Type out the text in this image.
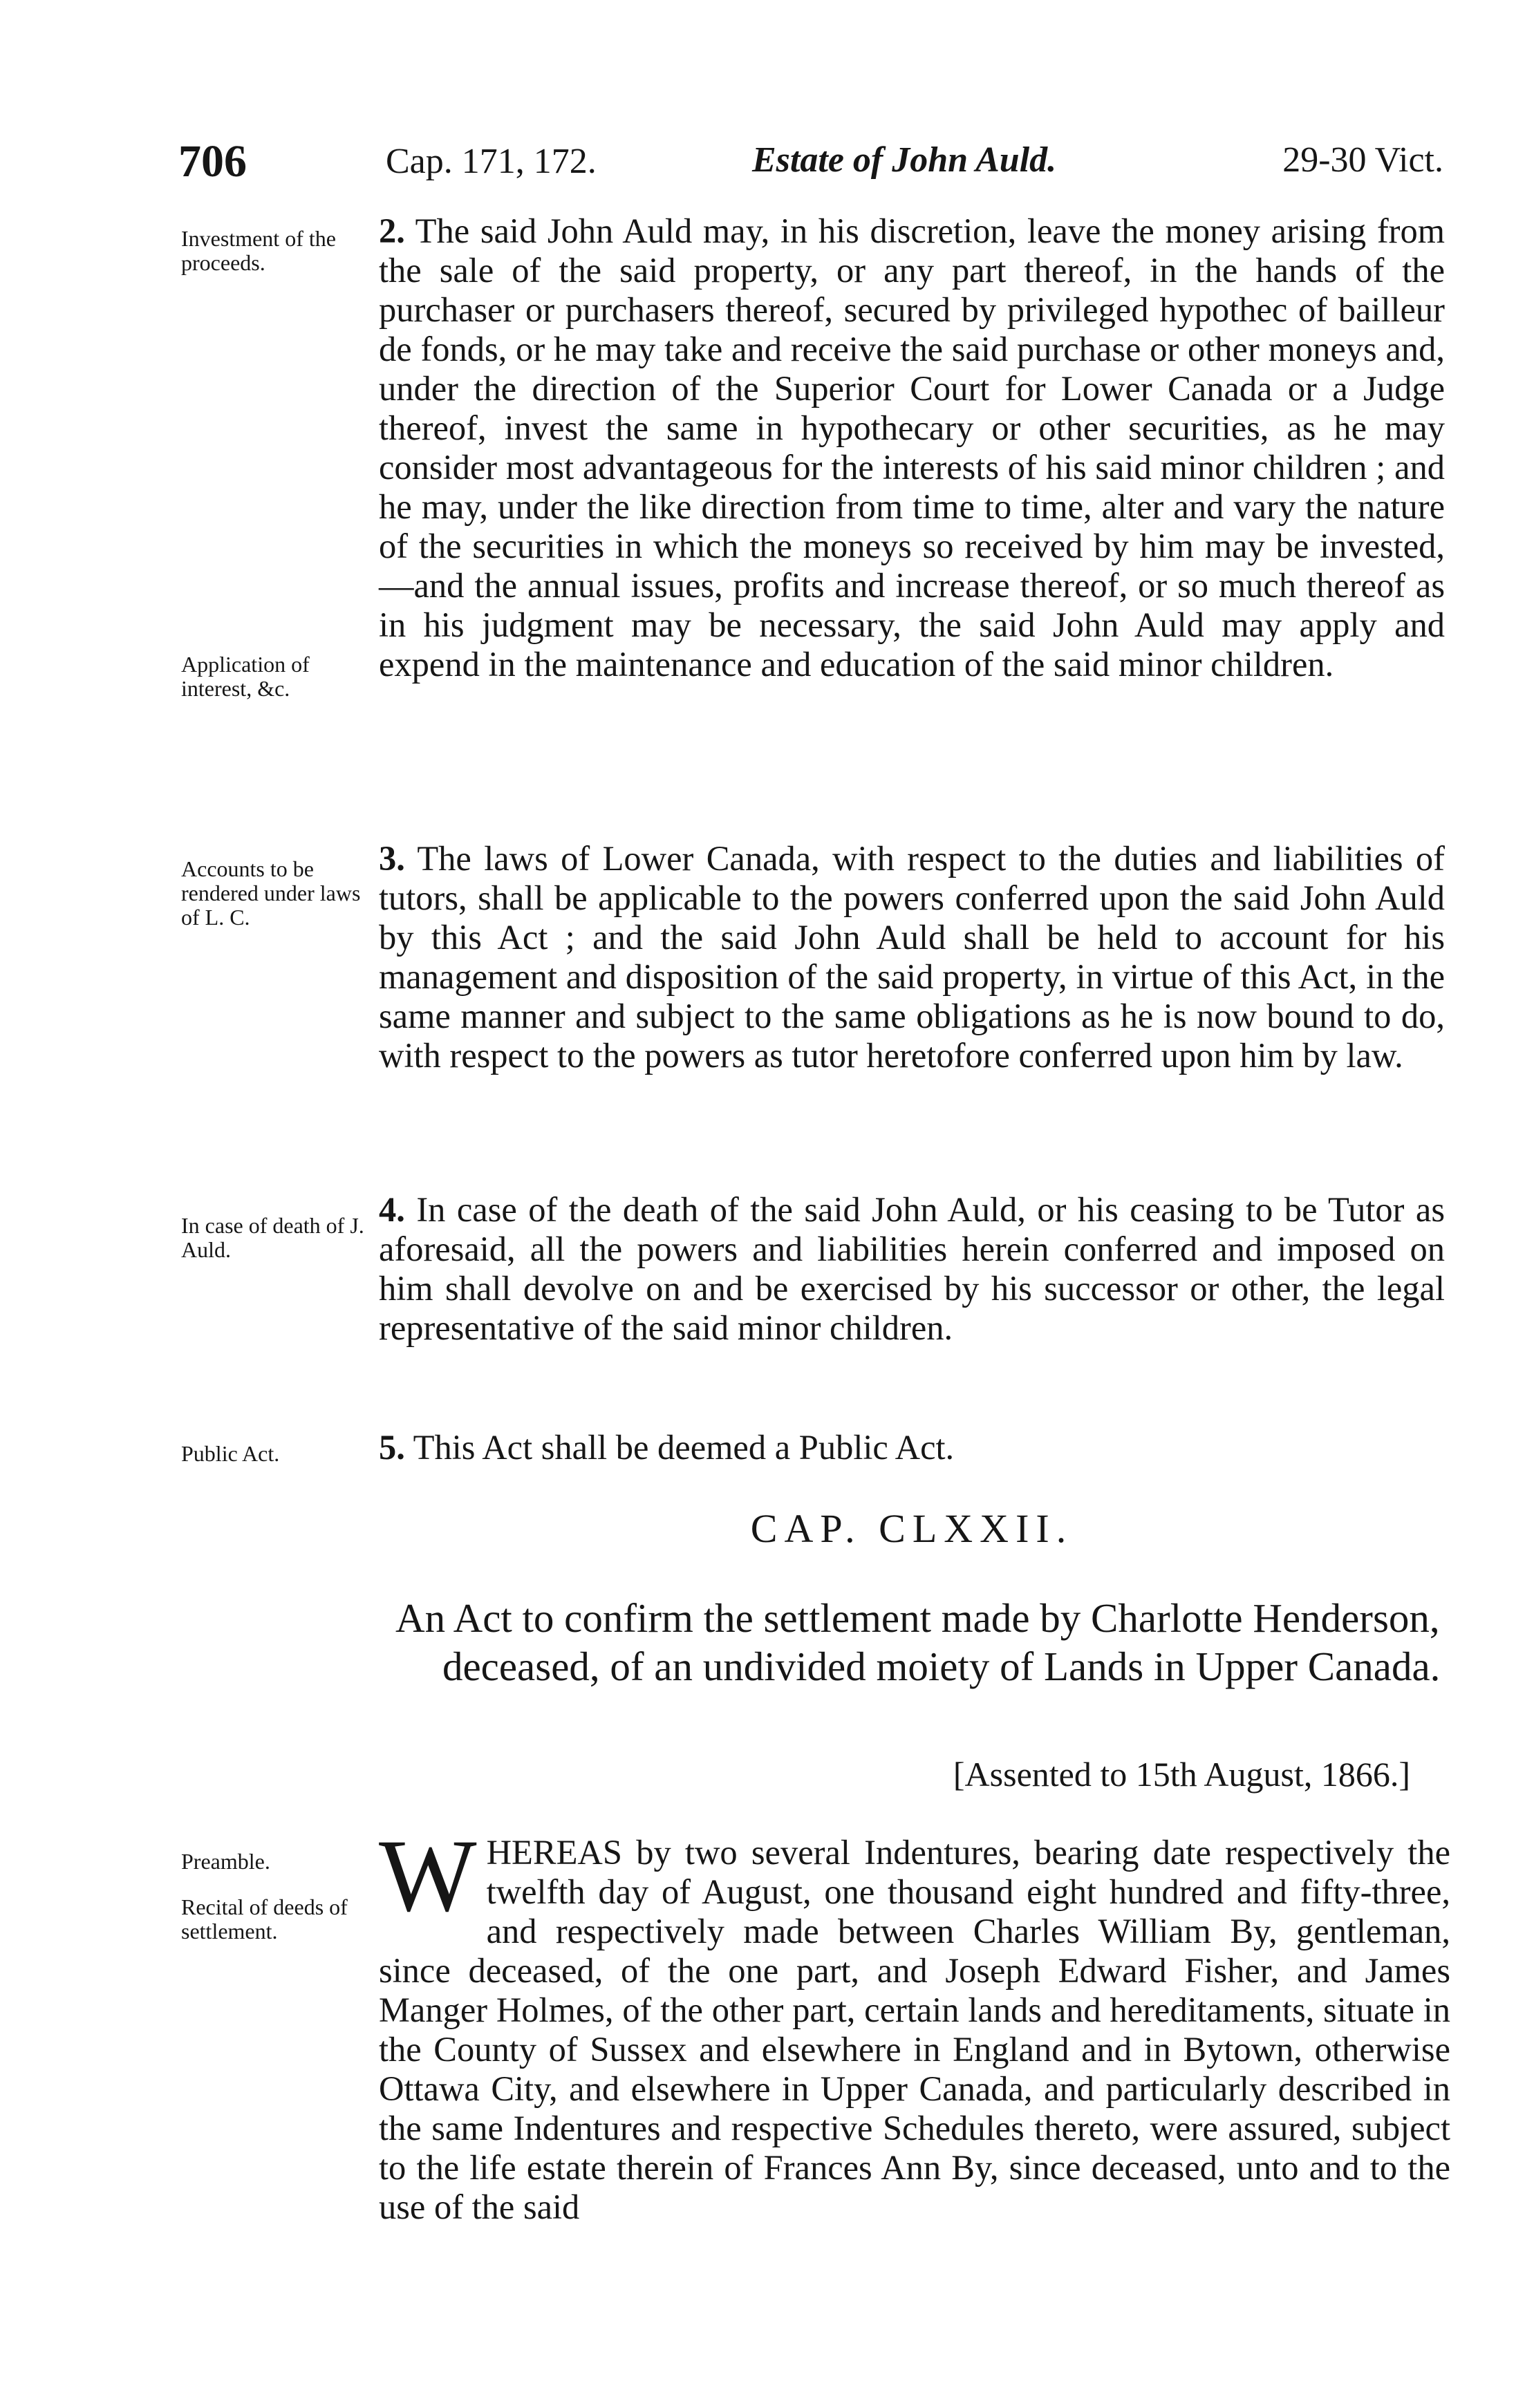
706	Cap. 171, 172.	Estate of John Auld.	29-30 Vict.
Investment of the proceeds.

2. The said John Auld may, in his discretion, leave the money arising from the sale of the said property, or any part thereof, in the hands of the purchaser or purchasers thereof, secured by privileged hypothec of bailleur de fonds, or he may take and receive the said purchase or other moneys and, under the direction of the Superior Court for Lower Canada or a Judge thereof, invest the same in hypothecary or other securities, as he may consider most advantageous for the interests of his said minor children ; and he may, under the like direction from time to time, alter and vary the nature of the securities in which the moneys so received by him may be invested,—and the annual issues, profits and increase thereof, or so much thereof as in his judgment may be necessary, the said John Auld may apply and expend in the maintenance and education of the said minor children.

Application of interest, &c.
Accounts to be rendered under laws of L. C.

3. The laws of Lower Canada, with respect to the duties and liabilities of tutors, shall be applicable to the powers conferred upon the said John Auld by this Act ; and the said John Auld shall be held to account for his management and disposition of the said property, in virtue of this Act, in the same manner and subject to the same obligations as he is now bound to do, with respect to the powers as tutor heretofore conferred upon him by law.

In case of death of J. Auld.

4. In case of the death of the said John Auld, or his ceasing to be Tutor as aforesaid, all the powers and liabilities herein conferred and imposed on him shall devolve on and be exercised by his successor or other, the legal representative of the said minor children.

Public Act.	5. This Act shall be deemed a Public Act.

CAP. CLXXII.

An Act to confirm the settlement made by Charlotte Henderson, deceased, of an undivided moiety of Lands in Upper Canada.

[Assented to 15th August, 1866.]
Preamble.
Recital of deeds of settlement. WHEREAS by two several Indentures, bearing date respectively the twelfth day of August, one thousand eight hundred and fifty-three, and respectively made between Charles William By, gentleman, since deceased, of the one part, and Joseph Edward Fisher, and James Manger Holmes, of the other part, certain lands and hereditaments, situate in the County of Sussex and elsewhere in England and in Bytown, otherwise Ottawa City, and elsewhere in Upper Canada, and particularly described in the same Indentures and respective Schedules thereto, were assured, subject to the life estate therein of Frances Ann By, since deceased, unto and to the use of the said
